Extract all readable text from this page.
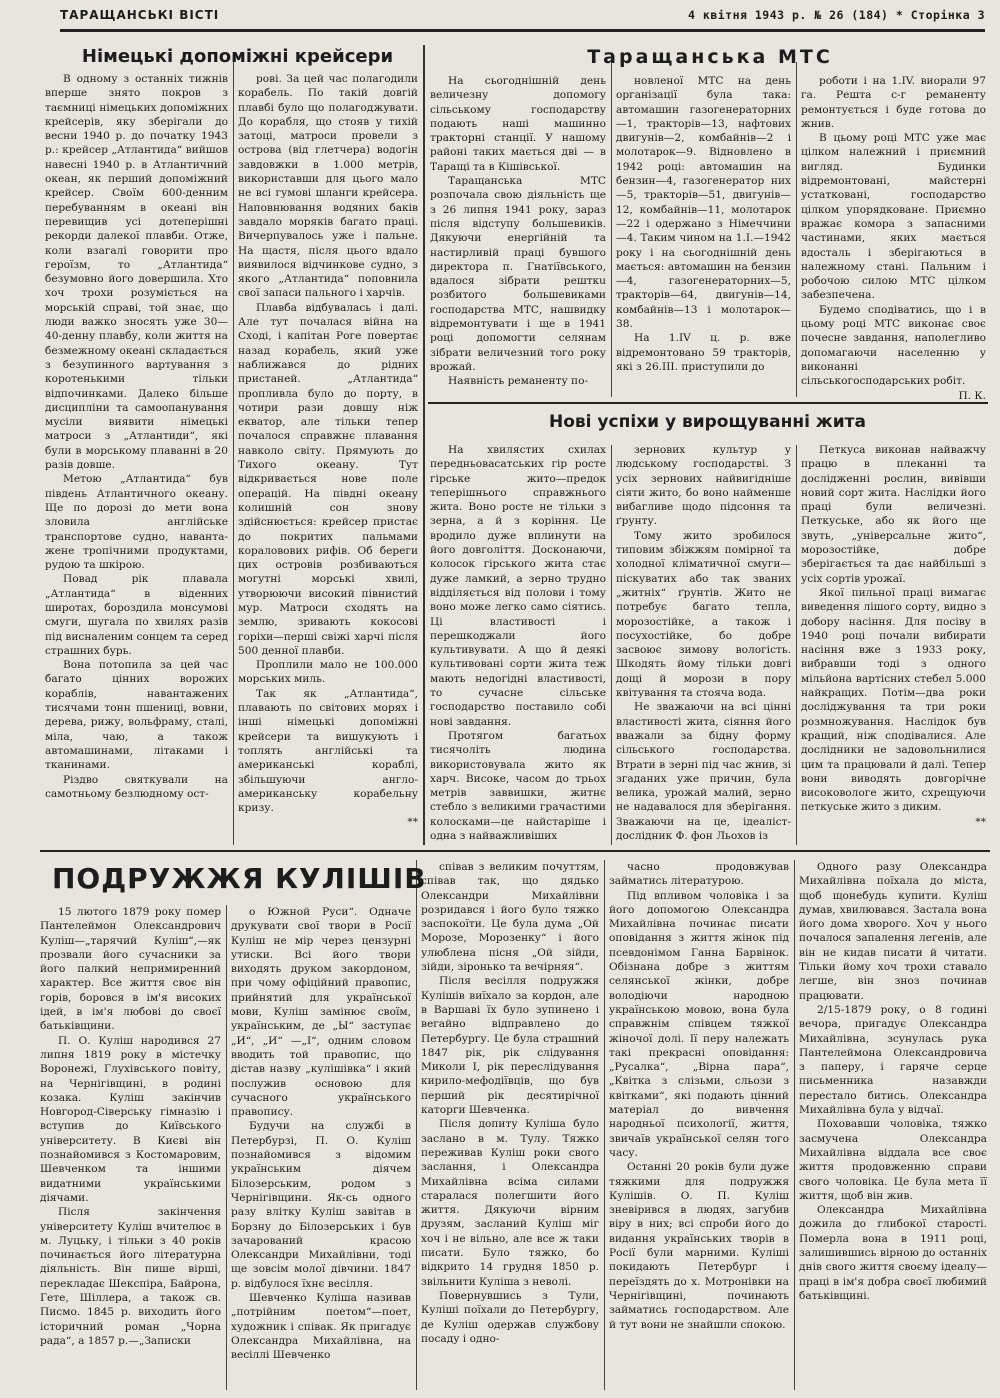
ТАРАЩАНСЬКІ ВІСТІ	4 квітня 1943 р. № 26 (184) * Сторінка 3
Німецькі допоміжні крейсери

В одному з останніх тижнів вперше знято покров з таємниці німецьких допоміжних крейсерів, яку зберігали до весни 1940 р. до початку 1943 р.: крейсер „Атлантида“ вийшов навесні 1940 р. в Атлантичний океан, як перший допоміжний крейсер. Своїм 600-денним перебуванням в океані він перевищив усі дотеперішні рекорди далекої плавби. Отже, коли взагалі говорити про героїзм, то „Атлантида“ безумовно його довершила. Хто хоч трохи розуміється на морській справі, той знає, що люди важко зносять уже 30—40-денну плавбу, коли життя на безмежному океані складається з безупинного вартування з коротенькими тільки відпочинками. Далеко більше дисципліни та самоопанування мусіли виявити німецькі матроси з „Атлантиди“, які були в морському плаванні в 20 разів довше.

Метою „Атлантида“ був південь Атлантичного океану. Ще по дорозі до мети вона зловила англійське транспортове судно, навантажене тропічними продуктами, рудою та шкірою.

Повад рік плавала „Атлантида“ в віденних широтах, бороздила монсумові смуги, шугала по хвилях разів під висналеним сонцем та серед страшних бурь.

Вона потопила за цей час багато цінних ворожих кораблів, навантажених тисячами тонн пшениці, вовни, дерева, рижу, вольфраму, сталі, міла, чаю, а також автомашинами, літаками і тканинами.

Різдво святкували на самотньому безлюдному ост-

рові. За цей час полагодили корабель. По такій довгій плавбі було що полагоджувати. До корабля, що стояв у тихій затоці, матроси провели з острова (від глетчера) водогін завдовжки в 1.000 метрів, використавши для цього мало не всі гумові шланги крейсера. Наповнювання водяних баків завдало моряків багато праці. Вичерпувалось уже і пальне. На щастя, після цього вдало виявилося відчинкове судно, з якого „Атлантида“ поповнила свої запаси пального і харчів.

Плавба відбувалась і далі. Але тут почалася війна на Сході, і капітан Роге повертає назад корабель, який уже наближався до рідних пристаней. „Атлантида“ пропливла було до порту, в чотири рази довшу ніж екватор, але тільки тепер почалося справжнє плавання навколо світу. Прямують до Тихого океану. Тут відкривається нове поле операцій. На півдні океану колишній сон знову здійснюється: крейсер пристає до покритих пальмами кораловових рифів. Об береги цих островів розбиваються могутні морські хвилі, утворюючи високий півнистий мур. Матроси сходять на землю, зривають кокосові горіхи—перші свіжі харчі після 500 денної плавби.

Проплили мало не 100.000 морських миль.

Так як „Атлантида“, плавають по світових морях і інші німецькі допоміжні крейсери та вишукують і топлять англійські та американські кораблі, збільшуючи англо-американську корабельну кризу.

**
Таращанська МТС

На сьогоднішній день величезну допомогу сільському господарству подають наші машинно тракторні станції. У нашому районі таких мається дві — в Таращі та в Кішівської.

Таращанська МТС розпочала свою діяльність ще з 26 липня 1941 року, зараз після відступу большевиків. Дякуючи енергійній та настирливій праці бувшого директора п. Гнатіївського, вдалося зібрати решткu розбитого большевиками господарства МТС, нашвидку відремонтувати і ще в 1941 році допомогти селянам зібрати величезний того року врожай.

Наявність реманенту по-

новленої МТС на день організації була така: автомашин газогенераторних—1, тракторів—13, нафтових двигунів—2, комбайнів—2 і молотарок—9. Відновлено в 1942 році: автомашин на бензин—4, газогенератор них—5, тракторів—51, двигунів—12, комбайнів—11, молотарок—22 і одержано з Німеччини—4. Таким чином на 1.I.—1942 року і на сьогоднішній день мається: автомашин на бензин—4, газогенераторних—5, тракторів—64, двигунів—14, комбайнів—13 і молотарок—38.

На 1.IV ц. р. вже відремонтовано 59 тракторів, які з 26.III. приступили до

роботи і на 1.IV. виорали 97 га. Решта с-г реманенту ремонтується і буде готова до жнив.

В цьому році МТС уже має цілком належний і приємний вигляд. Будинки відремонтовані, майстерні устатковані, господарство цілком упорядковане. Приємно вражає комора з запасними частинами, яких мається вдосталь і зберігаються в належному стані. Пальним і робочою силою МТС цілком забезпечена.

Будемо сподіватись, що і в цьому році МТС виконає своє почесне завдання, наполегливо допомагаючи населенню у виконанні сільськогосподарських робіт.

П. К.
Нові успіхи у вирощуванні жита

На хвилястих схилах передньовасатських гір росте гірське жито—предок теперішнього справжнього жита. Воно росте не тільки з зерна, а й з коріння. Це вродило дуже вплинути на його довголіття. Досконаючи, колосок гірського жита стає дуже ламкий, а зерно трудно відділяється від полови і тому воно може легко само сіятись. Ці властивості і перешкоджали його культивувати. А що й деякі культивовані сорти жита теж мають недогідні властивості, то сучасне сільське господарство поставило собі нові завдання.

Протягом багатьох тисячоліть людина використовувала жито як харч. Високе, часом до трьох метрів заввишки, житнє стебло з великими грачастими колосками—це найстаріше і одна з найважливіших

зернових культур у людському господарстві. З усіх зернових найвигідніше сіяти жито, бо воно найменше вибагливе щодо підсоння та ґрунту.

Тому жито зробилося типовим збіжжям помірної та холодної кліматичної смуги—піскуватих або так званих „житніх“ ґрунтів. Жито не потребує багато тепла, морозостійке, а також і посухостійке, бо добре засвоює зимову вологість. Шкодять йому тільки довгі дощі й морози в пору квітування та стояча вода.

Не зважаючи на всі цінні властивості жита, сіяння його вважали за бідну форму сільського господарства. Втрати в зерні під час жнив, зі згаданих уже причин, була велика, урожай малий, зерно не надавалося для зберігання. Зважаючи на це, ідеаліст-дослідник Ф. фон Льохов із

Петкуса виконав найважчу працю в плеканні та дослідженні рослин, вивівши новий сорт жита. Наслідки його праці були величезні. Петкуське, або як його ще звуть, „універсальне жито“, морозостійке, добре зберігається та дає найбільші з усіх сортів урожаї.

Якої пильної праці вимагає виведення лішого сорту, видно з добору насіння. Для посіву в 1940 році почали вибирати насіння вже з 1933 року, вибравши тоді з одного мільйона вартісних стебел 5.000 найкращих. Потім—два роки досліджування та три роки розмножування. Наслідок був кращий, ніж сподівалися. Але дослідники не задовольнилися цим та працювали й далі. Тепер вони виводять довгорічне високовологе жито, схрещуючи петкуське жито з диким.

**
ПОДРУЖЖЯ КУЛІШІВ

15 лютого 1879 року помер Пантелеймон Олександрович Куліш—„тарячий Куліш“,—як прозвали його сучасники за його палкий непримиренний характер. Все життя своє він горів, боровся в ім'я високих ідей, в ім'я любові до своєї батьківщини.

П. О. Куліш народився 27 липня 1819 року в містечку Воронежі, Глухівського повіту, на Чернігівщині, в родині козака. Куліш закінчив Новгород-Сіверську гімназію і вступив до Київського університету. В Києві він познайомився з Костомаровим, Шевченком та іншими видатними українськими діячами.

Після закінчення університету Куліш вчителює в м. Луцьку, і тільки з 40 років починається його літературна діяльність. Він пише вірші, перекладає Шекспіра, Байрона, Гете, Шіллера, а також св. Писмо. 1845 р. виходить його історичний роман „Чорна рада“, а 1857 р.—„Записки

о Южной Руси“. Одначе друкувати свої твори в Росії Куліш не мір через цензурні утиски. Всі його твори виходять друком закордоном, при чому офіційний правопис, прийнятий для української мови, Куліш замінює своїм, українським, де „Ы“ заступає „И“, „И“ —„І“, одним словом вводить той правопис, що дістав назву „кулішівка“ і який послужив основою для сучасного українського правопису.

Будучи на службі в Петербурзі, П. О. Куліш познайомився з відомим українським діячем Білозерським, родом з Чернігівщини. Як-сь одного разу влітку Куліш завітав в Борзну до Білозерських і був зачарований красою Олександри Михайлівни, тоді ще зовсім молої дівчини. 1847 р. відбулося їхнє весілля.

Шевченко Куліша називав „потрійним поетом“—поет, художник і співак. Як пригадує Олександра Михайлівна, на весіллі Шевченко

співав з великим почуттям, співав так, що дядько Олександри Михайлівни розридався і його було тяжко заспокоїти. Це була дума „Ой Морозе, Морозенку“ і його улюблена пісня „Ой зійди, зійди, зіронько та вечірняя“.

Після весілля подружжя Кулішів виїхало за кордон, але в Варшаві їх було зупинено і вегайно відправлено до Петербургу. Це була страшний 1847 рік, рік слідування Миколи I, рік переслідування кирило-мефодіївців, що був перший рік десятирічної каторги Шевченка.

Після допиту Куліша було заслано в м. Тулу. Тяжко переживав Куліш роки свого заслання, і Олександра Михайлівна всіма силами старалася полегшити його життя. Дякуючи вірним друзям, засланий Куліш міг хоч і не вільно, але все ж таки писати. Було тяжко, бо відкрито 14 грудня 1850 р. звільнити Куліша з неволі.

Повернувшись з Тули, Куліші поїхали до Петербургу, де Куліш одержав службову посаду і одно-

часно продовжував займатись літературою.

Під впливом чоловіка і за його допомогою Олександра Михайлівна починає писати оповідання з життя жінок під псевдонімом Ганна Барвінок. Обізнана добре з життям селянської жінки, добре володіючи народною українською мовою, вона була справжнім співцем тяжкої жіночої долі. Ії перу належать такі прекрасні оповідання: „Русалка“, „Вірна пара“, „Квітка з слізьми, сльози з квітками“, які подають цінний матеріал до вивчення народньої психології, життя, звичаїв української селян того часу.

Останні 20 років були дуже тяжкими для подружжя Кулішів. О. П. Куліш зневірився в людях, загубив віру в них; всі спроби його до видання українських творів в Росії були марними. Куліші покидають Петербург і переїздять до х. Мотронівки на Чернігівщині, починають займатись господарством. Але й тут вони не знайшли спокою.

Одного разу Олександра Михайлівна поїхала до міста, щоб щонебудь купити. Куліш думав, хвилювався. Застала вона його дома хворого. Хоч у нього почалося запалення легенів, але він не кидав писати й читати. Тільки йому хоч трохи ставало легше, він зноз починав працювати.

2/15-1879 року, о 8 годині вечора, пригадує Олександра Михайлівна, зсунулась рука Пантелеймона Олександровича з паперу, і гаряче серце письменника назавжди перестало битись. Олександра Михайлівна була у відчаї.

Поховавши чоловіка, тяжко засмучена Олександра Михайлівна віддала все своє життя продовженню справи свого чоловіка. Це була мета її життя, щоб він жив.

Олександра Михайлівна дожила до глибокої старості. Померла вона в 1911 році, залишившись вірною до останніх днів свого життя своєму ідеалу—праці в ім'я добра своєї любимий батьківщині.
